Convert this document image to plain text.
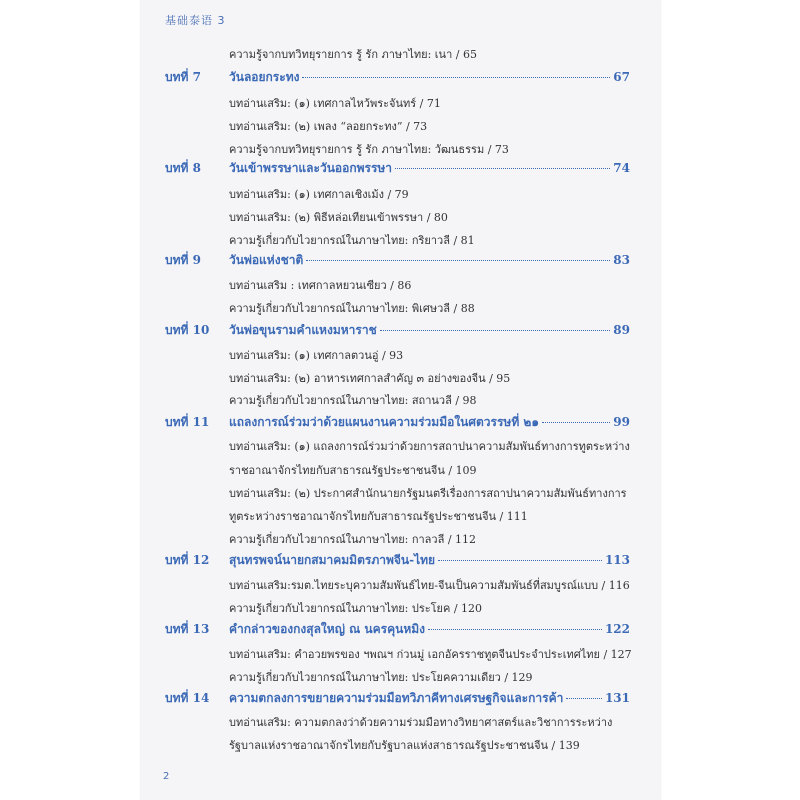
基础泰语 3
ความรู้จากบทวิทยุรายการ รู้ รัก ภาษาไทย: เนา / 65
บทที่ 7	วันลอยกระทง	67
บทอ่านเสริม: (๑) เทศกาลไหว้พระจันทร์ / 71
บทอ่านเสริม: (๒) เพลง “ลอยกระทง” / 73
ความรู้จากบทวิทยุรายการ รู้ รัก ภาษาไทย: วัฒนธรรม / 73
บทที่ 8	วันเข้าพรรษาและวันออกพรรษา	74
บทอ่านเสริม: (๑) เทศกาลเชิงเม้ง / 79
บทอ่านเสริม: (๒) พิธีหล่อเทียนเข้าพรรษา / 80
ความรู้เกี่ยวกับไวยากรณ์ในภาษาไทย: กริยาวลี / 81
บทที่ 9	วันพ่อแห่งชาติ	83
บทอ่านเสริม : เทศกาลหยวนเซียว / 86
ความรู้เกี่ยวกับไวยากรณ์ในภาษาไทย: พิเศษวลี / 88
บทที่ 10	วันพ่อขุนรามคำแหงมหาราช	89
บทอ่านเสริม: (๑) เทศกาลตวนอู่ / 93
บทอ่านเสริม: (๒) อาหารเทศกาลสำคัญ ๓ อย่างของจีน / 95
ความรู้เกี่ยวกับไวยากรณ์ในภาษาไทย: สถานวลี / 98
บทที่ 11	แถลงการณ์ร่วมว่าด้วยแผนงานความร่วมมือในศตวรรษที่ ๒๑	99
บทอ่านเสริม: (๑) แถลงการณ์ร่วมว่าด้วยการสถาปนาความสัมพันธ์ทางการทูตระหว่าง
ราชอาณาจักรไทยกับสาธารณรัฐประชาชนจีน / 109
บทอ่านเสริม: (๒) ประกาศสำนักนายกรัฐมนตรีเรื่องการสถาปนาความสัมพันธ์ทางการ
ทูตระหว่างราชอาณาจักรไทยกับสาธารณรัฐประชาชนจีน / 111
ความรู้เกี่ยวกับไวยากรณ์ในภาษาไทย: กาลวลี / 112
บทที่ 12	สุนทรพจน์นายกสมาคมมิตรภาพจีน-ไทย	113
บทอ่านเสริม:รมต.ไทยระบุความสัมพันธ์ไทย-จีนเป็นความสัมพันธ์ที่สมบูรณ์แบบ / 116
ความรู้เกี่ยวกับไวยากรณ์ในภาษาไทย: ประโยค / 120
บทที่ 13	คำกล่าวของกงสุลใหญ่ ณ นครคุนหมิง	122
บทอ่านเสริม: คำอวยพรของ ฯพณฯ ก่วนมู่ เอกอัครราชทูตจีนประจำประเทศไทย / 127
ความรู้เกี่ยวกับไวยากรณ์ในภาษาไทย: ประโยคความเดียว / 129
บทที่ 14	ความตกลงการขยายความร่วมมือทวิภาคีทางเศรษฐกิจและการค้า	131
บทอ่านเสริม: ความตกลงว่าด้วยความร่วมมือทางวิทยาศาสตร์และวิชาการระหว่าง
รัฐบาลแห่งราชอาณาจักรไทยกับรัฐบาลแห่งสาธารณรัฐประชาชนจีน / 139
2
